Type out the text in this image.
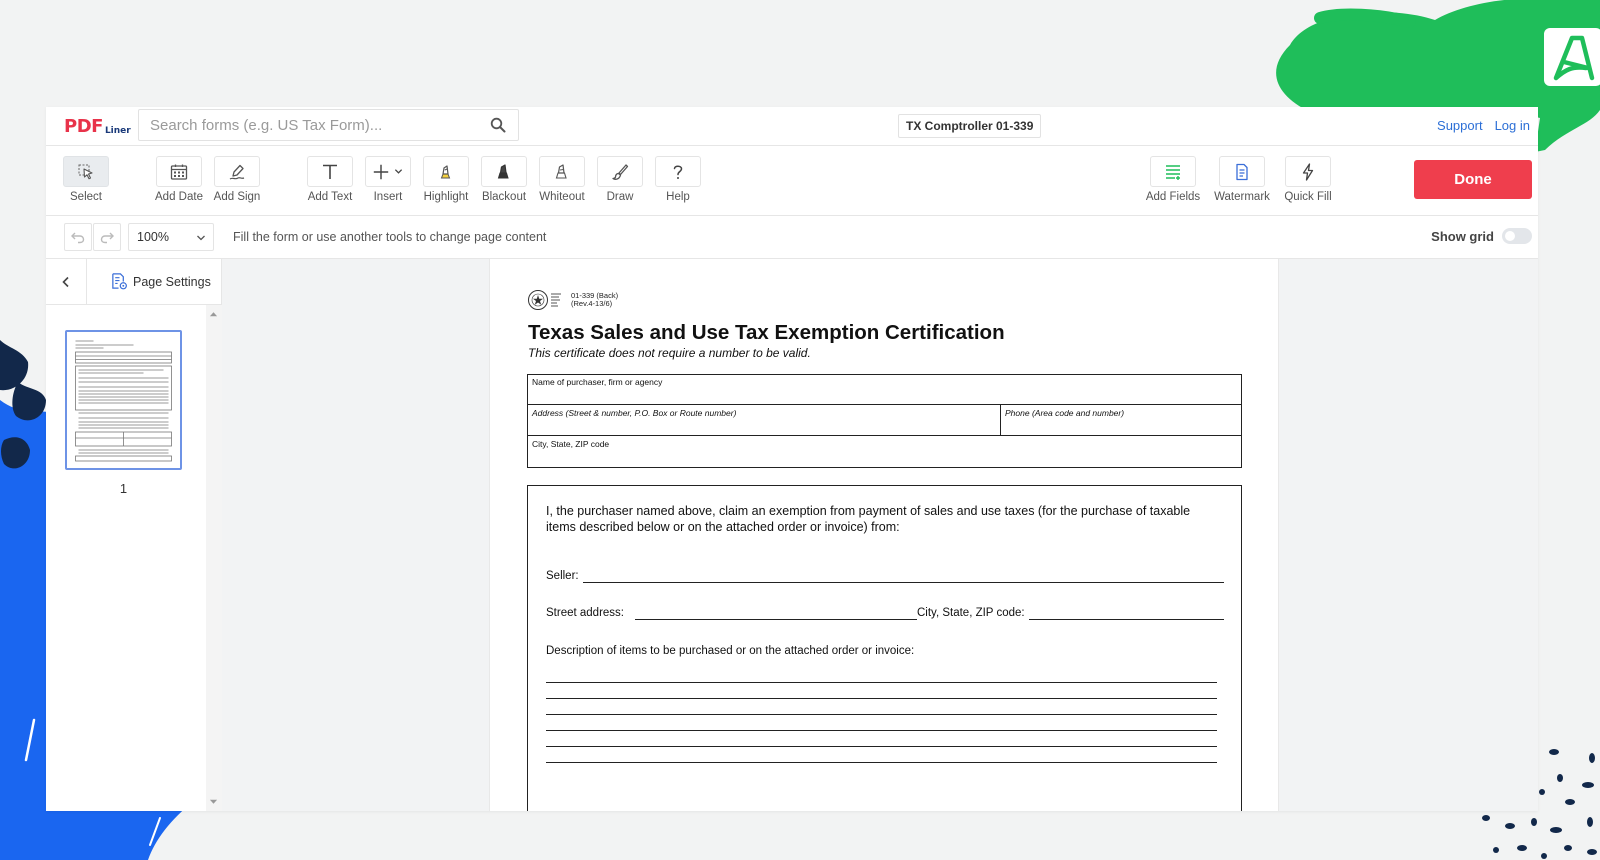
PDF Liner
Search forms (e.g. US Tax Form)...	TX Comptroller 01-339	Support Log in
Select	Add Date Add Sign	Add Text	Insert	Highlight	Blackout	Whiteout	Draw	Help	Add Fields Watermark	Quick Fill
Done
100%	Fill the form or use another tools to change page content	Show grid
Page Settings
1
01-339 (Back)
(Rev.4-13/6)
Texas Sales and Use Tax Exemption Certification
This certificate does not require a number to be valid.
Name of purchaser, firm or agency
Address (Street & number, P.O. Box or Route number)	Phone (Area code and number)
City, State, ZIP code
I, the purchaser named above, claim an exemption from payment of sales and use taxes (for the purchase of taxable items described below or on the attached order or invoice) from:
Seller:
Street address:	City, State, ZIP code:
Description of items to be purchased or on the attached order or invoice:
